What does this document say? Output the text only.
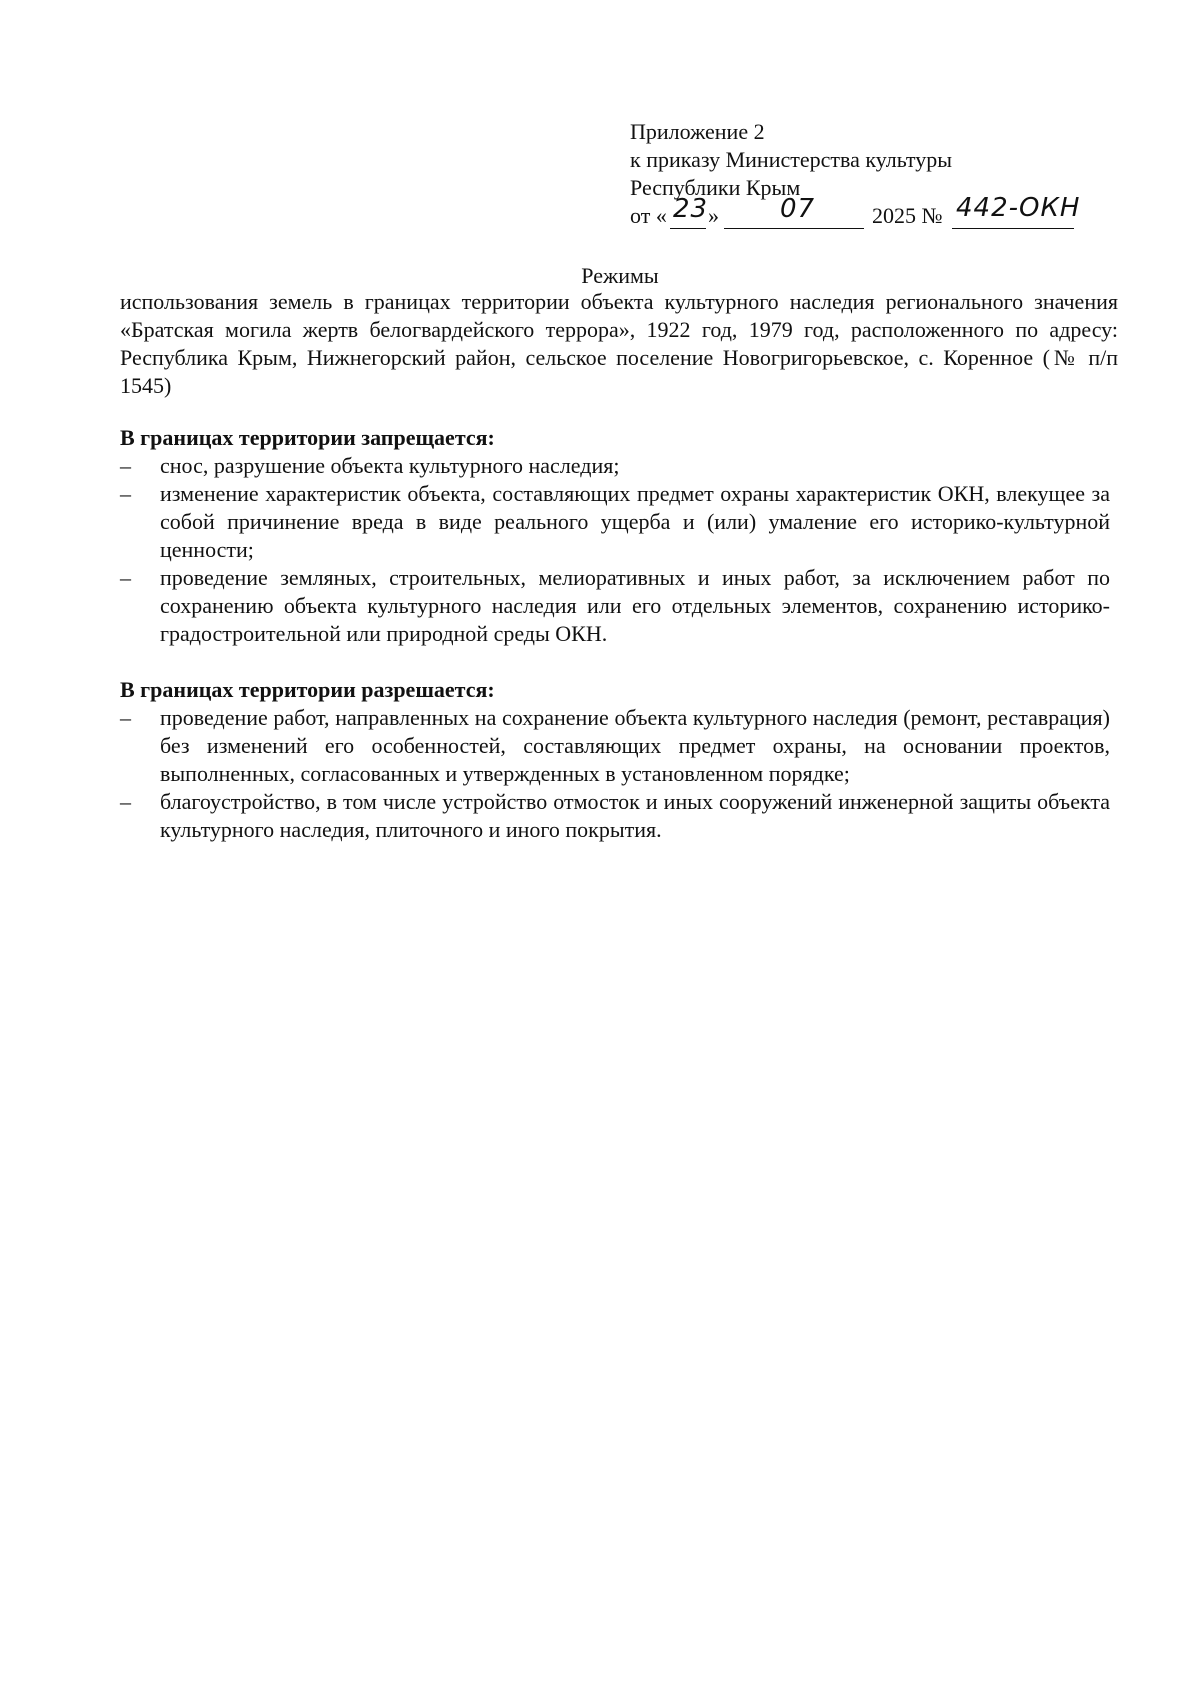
Приложение 2
к приказу Министерства культуры
Республики Крым
от « 23 » 07	2025 № 442-ОКН
Режимы

использования земель в границах территории объекта культурного наследия регионального значения «Братская могила жертв белогвардейского террора», 1922 год, 1979 год, расположенного по адресу: Республика Крым, Нижнегорский район, сельское поселение Новогригорьевское, с. Коренное (№ п/п 1545)

В границах территории запрещается:

– снос, разрушение объекта культурного наследия;
– изменение характеристик объекта, составляющих предмет охраны характеристик ОКН, влекущее за собой причинение вреда в виде реального ущерба и (или) умаление его историко-культурной ценности;
– проведение земляных, строительных, мелиоративных и иных работ, за исключением работ по сохранению объекта культурного наследия или его отдельных элементов, сохранению историко-градостроительной или природной среды ОКН.

В границах территории разрешается:

– проведение работ, направленных на сохранение объекта культурного наследия (ремонт, реставрация) без изменений его особенностей, составляющих предмет охраны, на основании проектов, выполненных, согласованных и утвержденных в установленном порядке;
– благоустройство, в том числе устройство отмосток и иных сооружений инженерной защиты объекта культурного наследия, плиточного и иного покрытия.
